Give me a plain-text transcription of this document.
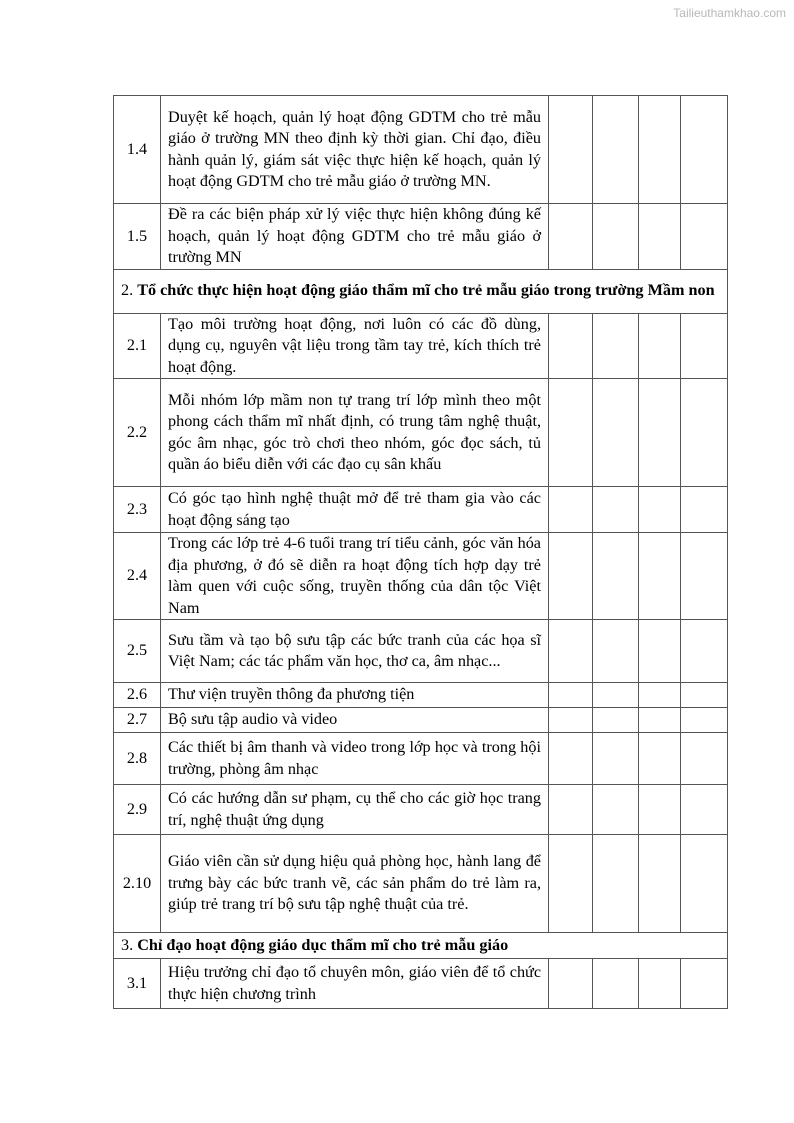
Tailieuthamkhao.com
1.4	Duyệt kế hoạch, quản lý hoạt động GDTM cho trẻ mẫu giáo ở trường MN theo định kỳ thời gian. Chỉ đạo, điều hành quản lý, giám sát việc thực hiện kế hoạch, quản lý hoạt động GDTM cho trẻ mẫu giáo ở trường MN.				
1.5	Đề ra các biện pháp xử lý việc thực hiện không đúng kế hoạch, quản lý hoạt động GDTM cho trẻ mẫu giáo ở trường MN				
2. Tổ chức thực hiện hoạt động giáo thẩm mĩ cho trẻ mẫu giáo trong trường Mầm non					
2.1	Tạo môi trường hoạt động, nơi luôn có các đồ dùng, dụng cụ, nguyên vật liệu trong tầm tay trẻ, kích thích trẻ hoạt động.				
2.2	Mỗi nhóm lớp mầm non tự trang trí lớp mình theo một phong cách thẩm mĩ nhất định, có trung tâm nghệ thuật, góc âm nhạc, góc trò chơi theo nhóm, góc đọc sách, tủ quần áo biểu diễn với các đạo cụ sân khấu				
2.3	Có góc tạo hình nghệ thuật mở để trẻ tham gia vào các hoạt động sáng tạo				
2.4	Trong các lớp trẻ 4-6 tuổi trang trí tiểu cảnh, góc văn hóa địa phương, ở đó sẽ diễn ra hoạt động tích hợp dạy trẻ làm quen với cuộc sống, truyền thống của dân tộc Việt Nam				
2.5	Sưu tầm và tạo bộ sưu tập các bức tranh của các họa sĩ Việt Nam; các tác phẩm văn học, thơ ca, âm nhạc...				
2.6	Thư viện truyền thông đa phương tiện				
2.7	Bộ sưu tập audio và video				
2.8	Các thiết bị âm thanh và video trong lớp học và trong hội trường, phòng âm nhạc				
2.9	Có các hướng dẫn sư phạm, cụ thể cho các giờ học trang trí, nghệ thuật ứng dụng				
2.10	Giáo viên cần sử dụng hiệu quả phòng học, hành lang để trưng bày các bức tranh vẽ, các sản phẩm do trẻ làm ra, giúp trẻ trang trí bộ sưu tập nghệ thuật của trẻ.				
3. Chỉ đạo hoạt động giáo dục thẩm mĩ cho trẻ mẫu giáo					
3.1	Hiệu trưởng chỉ đạo tổ chuyên môn, giáo viên để tổ chức thực hiện chương trình				
